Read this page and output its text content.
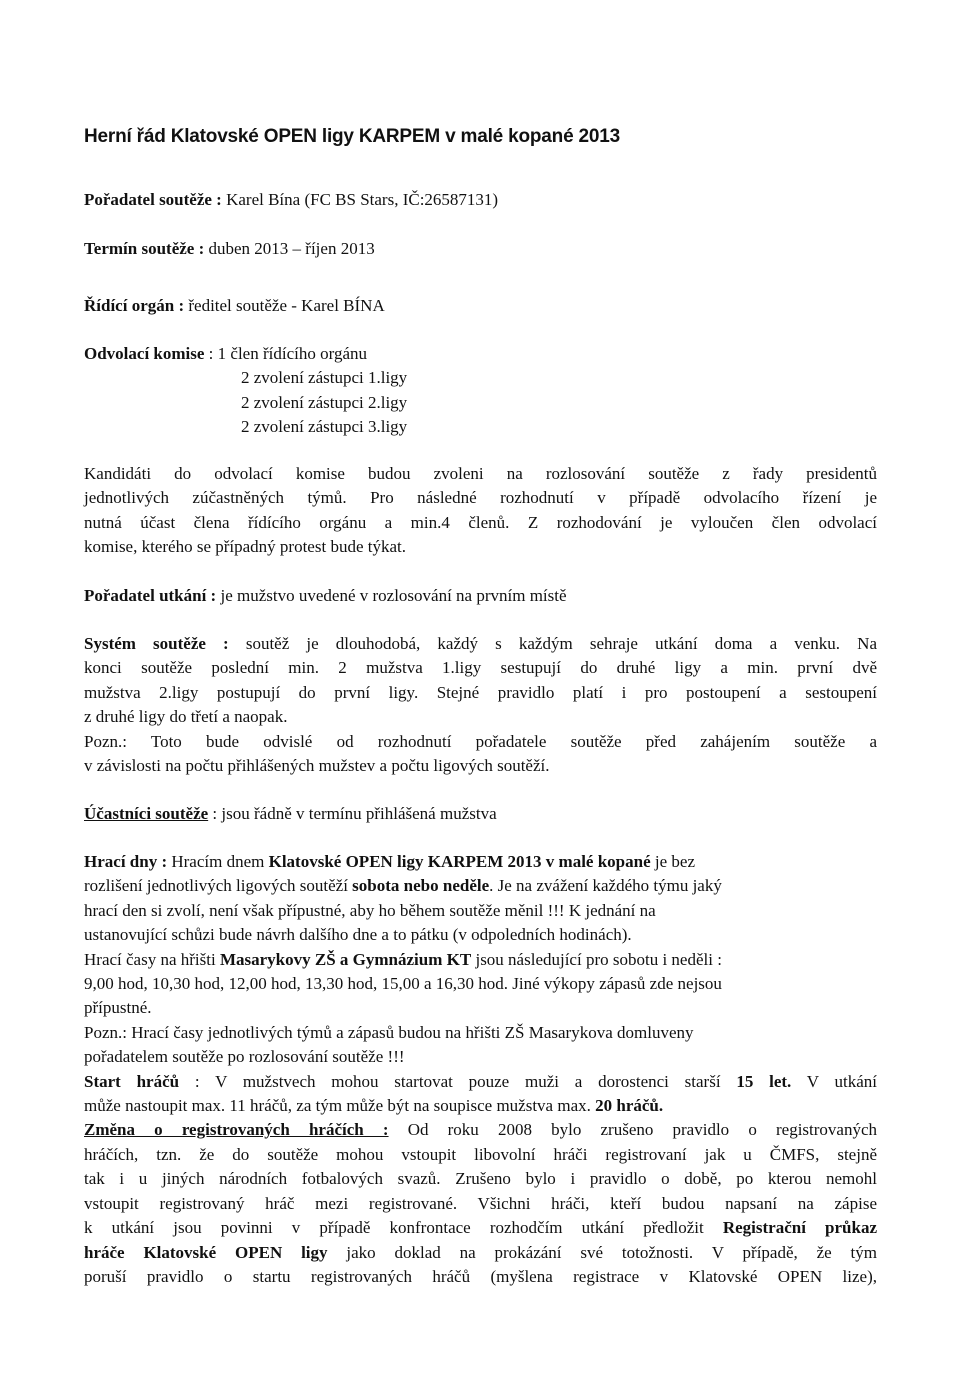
Herní řád Klatovské OPEN ligy KARPEM v malé kopané 2013
Pořadatel soutěže : Karel Bína (FC BS Stars, IČ:26587131)
Termín soutěže : duben 2013 – říjen 2013
Řídící orgán : ředitel soutěže - Karel BÍNA
Odvolací komise : 1 člen řídícího orgánu
2 zvolení zástupci 1.ligy
2 zvolení zástupci 2.ligy
2 zvolení zástupci 3.ligy
Kandidáti do odvolací komise budou zvoleni na rozlosování soutěže z řady presidentů
jednotlivých zúčastněných týmů. Pro následné rozhodnutí v případě odvolacího řízení je
nutná účast člena řídícího orgánu a min.4 členů. Z rozhodování je vyloučen člen odvolací
komise, kterého se případný protest bude týkat.
Pořadatel utkání : je mužstvo uvedené v rozlosování na prvním místě
Systém soutěže : soutěž je dlouhodobá, každý s každým sehraje utkání doma a venku. Na
konci soutěže poslední min. 2 mužstva 1.ligy sestupují do druhé ligy a min. první dvě
mužstva 2.ligy postupují do první ligy. Stejné pravidlo platí i pro postoupení a sestoupení
z druhé ligy do třetí a naopak.
Pozn.: Toto bude odvislé od rozhodnutí pořadatele soutěže před zahájením soutěže a
v závislosti na počtu přihlášených mužstev a počtu ligových soutěží.
Účastníci soutěže : jsou řádně v termínu přihlášená mužstva
Hrací dny : Hracím dnem Klatovské OPEN ligy KARPEM 2013 v malé kopané je bez
rozlišení jednotlivých ligových soutěží sobota nebo neděle. Je na zvážení každého týmu jaký
hrací den si zvolí, není však přípustné, aby ho během soutěže měnil !!! K jednání na
ustanovující schůzi bude návrh dalšího dne a to pátku (v odpoledních hodinách).
Hrací časy na hřišti Masarykovy ZŠ a Gymnázium KT jsou následující pro sobotu i neděli :
9,00 hod, 10,30 hod, 12,00 hod, 13,30 hod, 15,00 a 16,30 hod. Jiné výkopy zápasů zde nejsou
přípustné.
Pozn.: Hrací časy jednotlivých týmů a zápasů budou na hřišti ZŠ Masarykova domluveny
pořadatelem soutěže po rozlosování soutěže !!!
Start hráčů : V mužstvech mohou startovat pouze muži a dorostenci starší 15 let. V utkání
může nastoupit max. 11 hráčů, za tým může být na soupisce mužstva max. 20 hráčů.
Změna o registrovaných hráčích : Od roku 2008 bylo zrušeno pravidlo o registrovaných
hráčích, tzn. že do soutěže mohou vstoupit libovolní hráči registrovaní jak u ČMFS, stejně
tak i u jiných národních fotbalových svazů. Zrušeno bylo i pravidlo o době, po kterou nemohl
vstoupit registrovaný hráč mezi registrované. Všichni hráči, kteří budou napsaní na zápise
k utkání jsou povinni v případě konfrontace rozhodčím utkání předložit Registrační průkaz
hráče Klatovské OPEN ligy jako doklad na prokázání své totožnosti. V případě, že tým
poruší pravidlo o startu registrovaných hráčů (myšlena registrace v Klatovské OPEN lize),
